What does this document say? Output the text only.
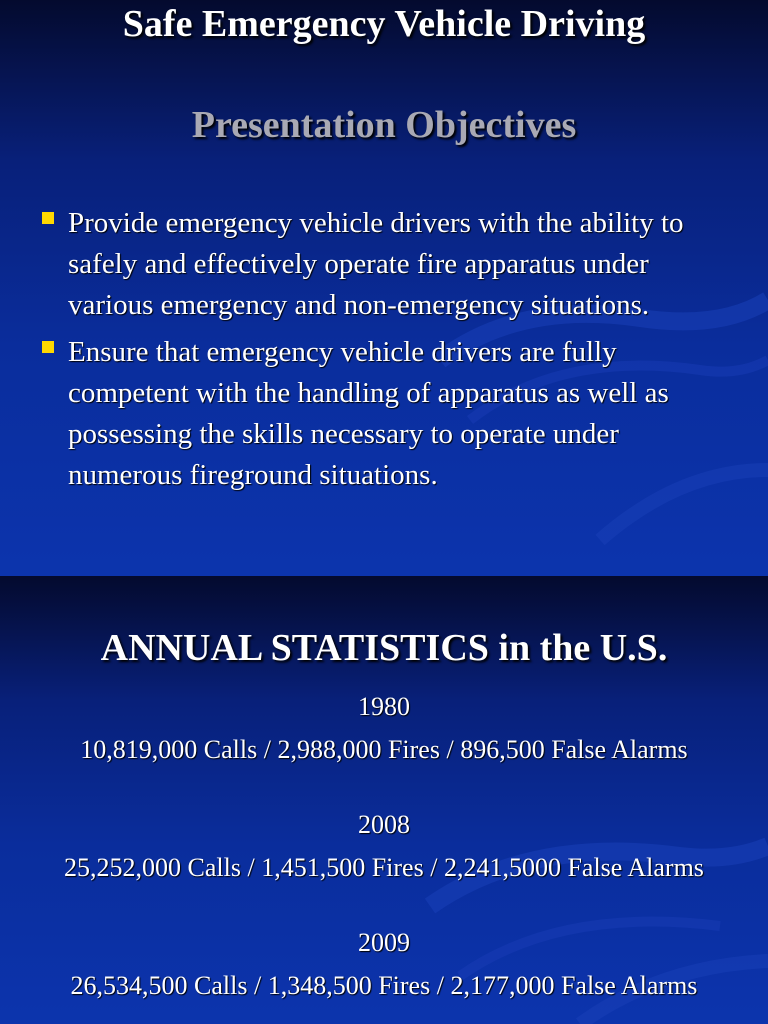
Safe Emergency Vehicle Driving
Presentation Objectives
Provide emergency vehicle drivers with the ability to safely and effectively operate fire apparatus under various emergency and non-emergency situations.
Ensure that emergency vehicle drivers are fully competent with the handling of apparatus as well as possessing the skills necessary to operate under numerous fireground situations.
ANNUAL STATISTICS in the U.S.
1980
10,819,000 Calls / 2,988,000 Fires / 896,500 False Alarms
2008
25,252,000 Calls / 1,451,500 Fires / 2,241,5000 False Alarms
2009
26,534,500 Calls / 1,348,500 Fires / 2,177,000 False Alarms
